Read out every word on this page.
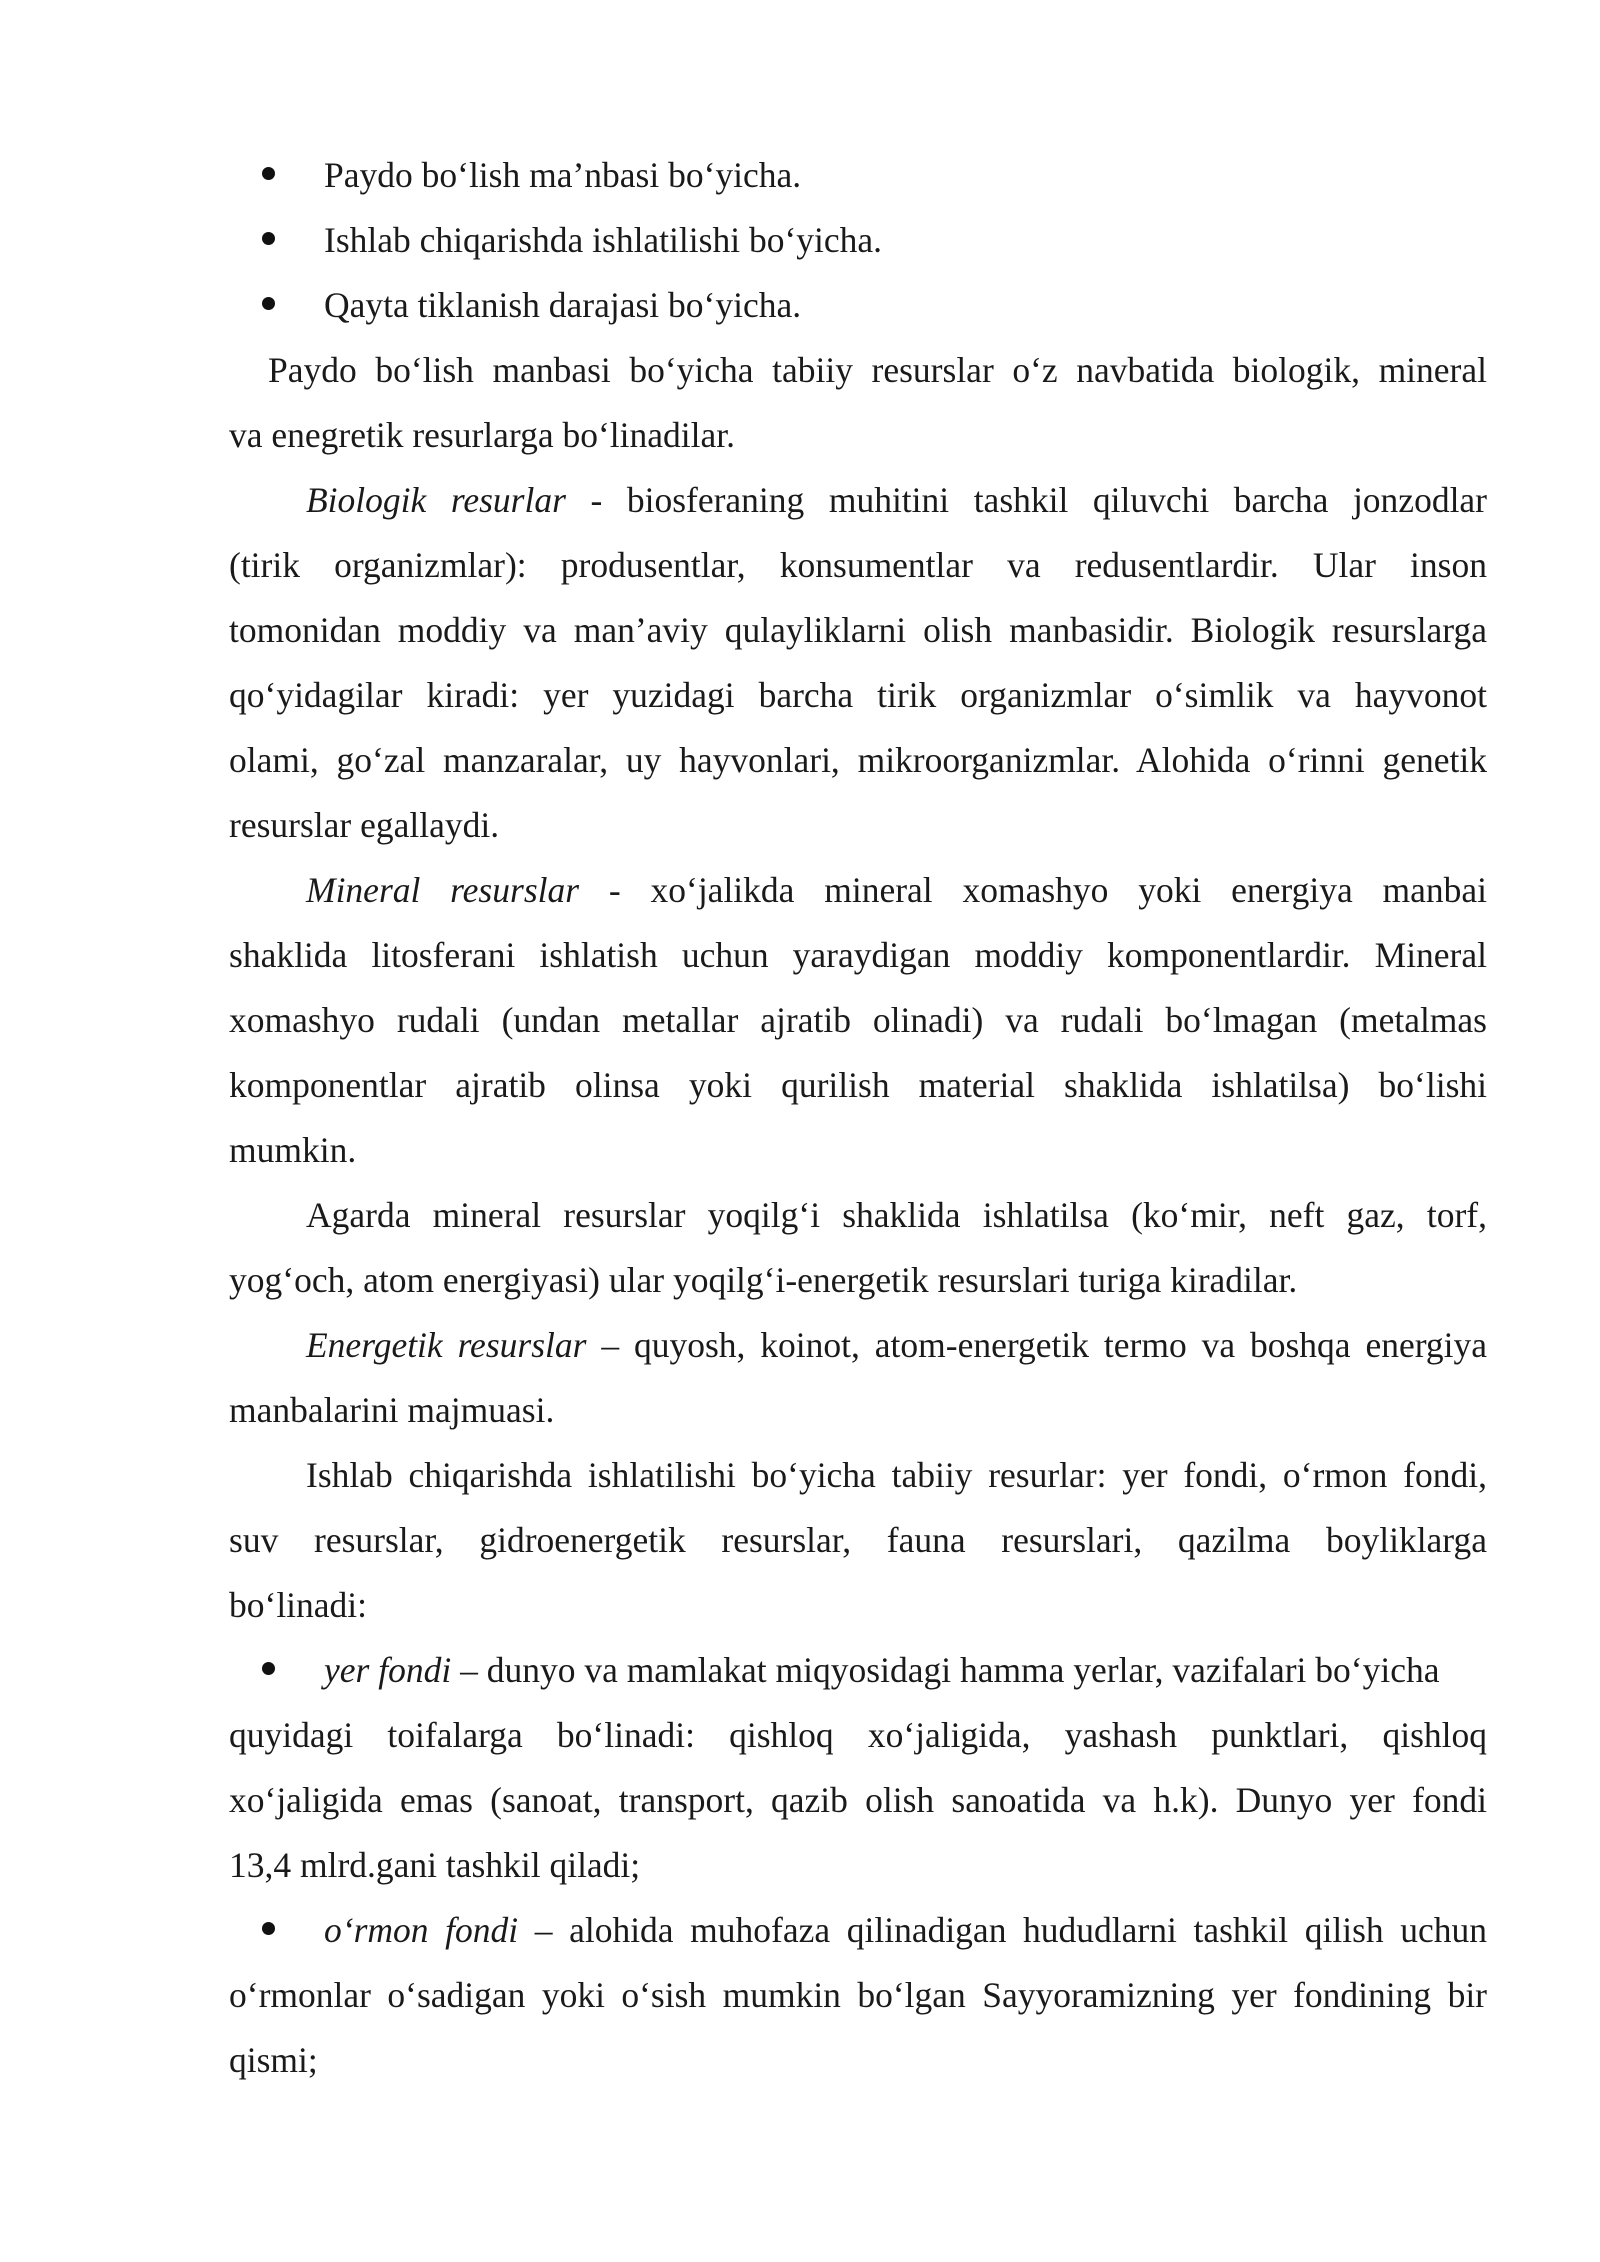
Paydo bo‘lish ma’nbasi bo‘yicha.
Ishlab chiqarishda ishlatilishi bo‘yicha.
Qayta tiklanish darajasi bo‘yicha.
Paydo bo‘lish manbasi bo‘yicha tabiiy resurslar o‘z navbatida biologik, mineral
va enegretik resurlarga bo‘linadilar.
Biologik resurlar - biosferaning muhitini tashkil qiluvchi barcha jonzodlar
(tirik organizmlar): produsentlar, konsumentlar va redusentlardir. Ular inson
tomonidan moddiy va man’aviy qulayliklarni olish manbasidir. Biologik resurslarga
qo‘yidagilar kiradi: yer yuzidagi barcha tirik organizmlar o‘simlik va hayvonot
olami, go‘zal manzaralar, uy hayvonlari, mikroorganizmlar. Alohida o‘rinni genetik
resurslar egallaydi.
Mineral resurslar - xo‘jalikda mineral xomashyo yoki energiya manbai
shaklida litosferani ishlatish uchun yaraydigan moddiy komponentlardir. Mineral
xomashyo rudali (undan metallar ajratib olinadi) va rudali bo‘lmagan (metalmas
komponentlar ajratib olinsa yoki qurilish material shaklida ishlatilsa) bo‘lishi
mumkin.
Agarda mineral resurslar yoqilg‘i shaklida ishlatilsa (ko‘mir, neft gaz, torf,
yog‘och, atom energiyasi) ular yoqilg‘i-energetik resurslari turiga kiradilar.
Energetik resurslar – quyosh, koinot, atom-energetik termo va boshqa energiya
manbalarini majmuasi.
Ishlab chiqarishda ishlatilishi bo‘yicha tabiiy resurlar: yer fondi, o‘rmon fondi,
suv resurslar, gidroenergetik resurslar, fauna resurslari, qazilma boyliklarga
bo‘linadi:
yer fondi – dunyo va mamlakat miqyosidagi hamma yerlar, vazifalari bo‘yicha
quyidagi toifalarga bo‘linadi: qishloq xo‘jaligida, yashash punktlari, qishloq
xo‘jaligida emas (sanoat, transport, qazib olish sanoatida va h.k). Dunyo yer fondi
13,4 mlrd.gani tashkil qiladi;
o‘rmon fondi – alohida muhofaza qilinadigan hududlarni tashkil qilish uchun
o‘rmonlar o‘sadigan yoki o‘sish mumkin bo‘lgan Sayyoramizning yer fondining bir
qismi;
